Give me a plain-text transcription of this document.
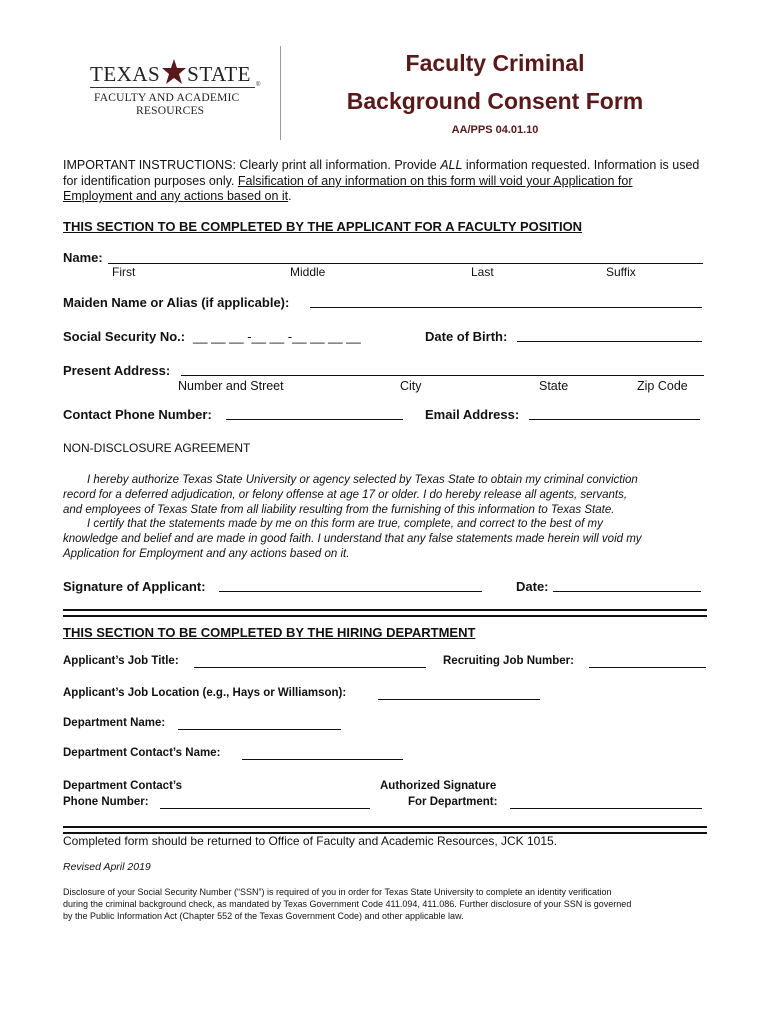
TEXAS STATE
FACULTY AND ACADEMIC
RESOURCES
®
Faculty Criminal
Background Consent Form
AA/PPS 04.01.10
IMPORTANT INSTRUCTIONS: Clearly print all information. Provide ALL information requested. Information is used
for identification purposes only. Falsification of any information on this form will void your Application for
Employment and any actions based on it.
THIS SECTION TO BE COMPLETED BY THE APPLICANT FOR A FACULTY POSITION
Name:
First	Middle	Last	Suffix
Maiden Name or Alias (if applicable):
Social Security No.: __ __ __ -__ __ -__ __ __ __	Date of Birth:
Present Address:
Number and Street	City	State	Zip Code
Contact Phone Number:	Email Address:
NON-DISCLOSURE AGREEMENT
I hereby authorize Texas State University or agency selected by Texas State to obtain my criminal conviction
record for a deferred adjudication, or felony offense at age 17 or older. I do hereby release all agents, servants,
and employees of Texas State from all liability resulting from the furnishing of this information to Texas State.
I certify that the statements made by me on this form are true, complete, and correct to the best of my
knowledge and belief and are made in good faith. I understand that any false statements made herein will void my
Application for Employment and any actions based on it.
Signature of Applicant:	Date:
THIS SECTION TO BE COMPLETED BY THE HIRING DEPARTMENT
Applicant’s Job Title:	Recruiting Job Number:
Applicant’s Job Location (e.g., Hays or Williamson):
Department Name:
Department Contact’s Name:
Department Contact’s
Phone Number:
Authorized Signature
For Department:
Completed form should be returned to Office of Faculty and Academic Resources, JCK 1015.
Revised April 2019
Disclosure of your Social Security Number (“SSN”) is required of you in order for Texas State University to complete an identity verification
during the criminal background check, as mandated by Texas Government Code 411.094, 411.086. Further disclosure of your SSN is governed
by the Public Information Act (Chapter 552 of the Texas Government Code) and other applicable law.
